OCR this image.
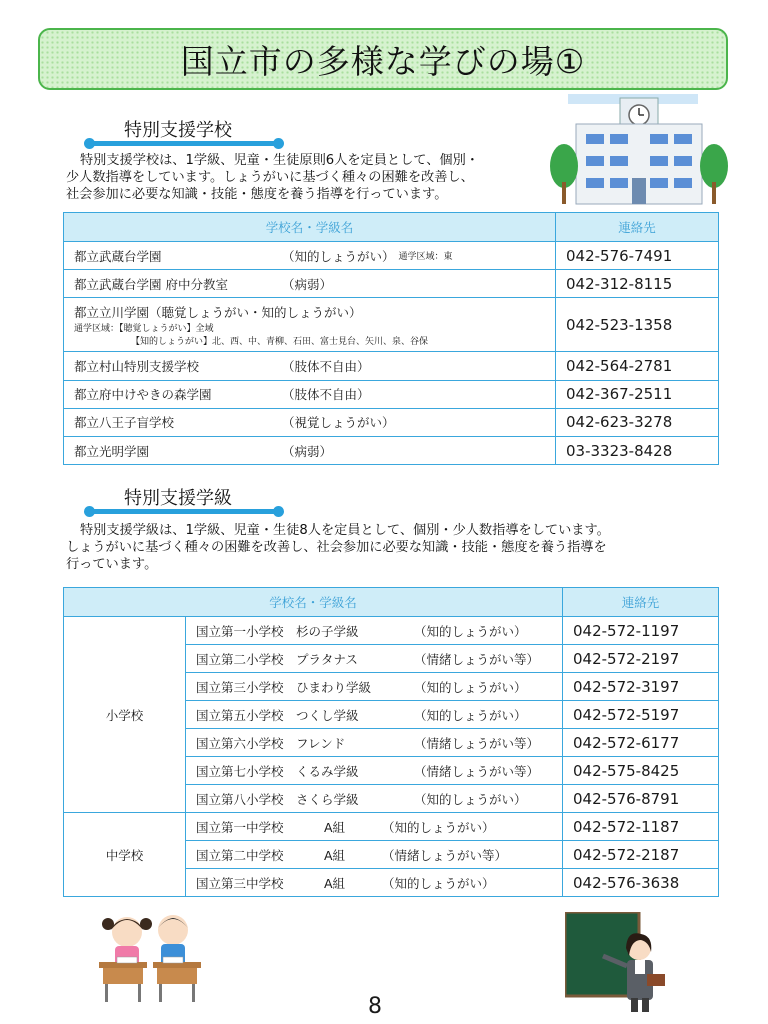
国立市の多様な学びの場①
特別支援学校
特別支援学校は、1学級、児童・生徒原則6人を定員として、個別・
少人数指導をしています。しょうがいに基づく種々の困難を改善し、
社会参加に必要な知識・技能・態度を養う指導を行っています。
学校名・学級名	連絡先

都立武蔵台学園 （知的しょうがい） 通学区域：東	042-576-7491

都立武蔵台学園 府中分教室 （病弱）	042-312-8115

都立立川学園（聴覚しょうがい・知的しょうがい）
通学区域：【聴覚しょうがい】全域
【知的しょうがい】北、西、中、青柳、石田、富士見台、矢川、泉、谷保	042-523-1358

都立村山特別支援学校 （肢体不自由）	042-564-2781

都立府中けやきの森学園 （肢体不自由）	042-367-2511

都立八王子盲学校 （視覚しょうがい）	042-623-3278

都立光明学園 （病弱）	03-3323-8428
特別支援学級
特別支援学級は、1学級、児童・生徒8人を定員として、個別・少人数指導をしています。
しょうがいに基づく種々の困難を改善し、社会参加に必要な知識・技能・態度を養う指導を
行っています。
学校名・学級名		連絡先
小学校	国立第一小学校 杉の子学級 （知的しょうがい）	042-572-1197

	国立第二小学校 プラタナス （情緒しょうがい等）	042-572-2197

	国立第三小学校 ひまわり学級 （知的しょうがい）	042-572-3197

	国立第五小学校 つくし学級 （知的しょうがい）	042-572-5197

	国立第六小学校 フレンド （情緒しょうがい等）	042-572-6177

	国立第七小学校 くるみ学級 （情緒しょうがい等）	042-575-8425

	国立第八小学校 さくら学級 （知的しょうがい）	042-576-8791
中学校	国立第一中学校 A組 （知的しょうがい）	042-572-1187

	国立第二中学校 A組 （情緒しょうがい等）	042-572-2187

	国立第三中学校 A組 （知的しょうがい）	042-576-3638
8
